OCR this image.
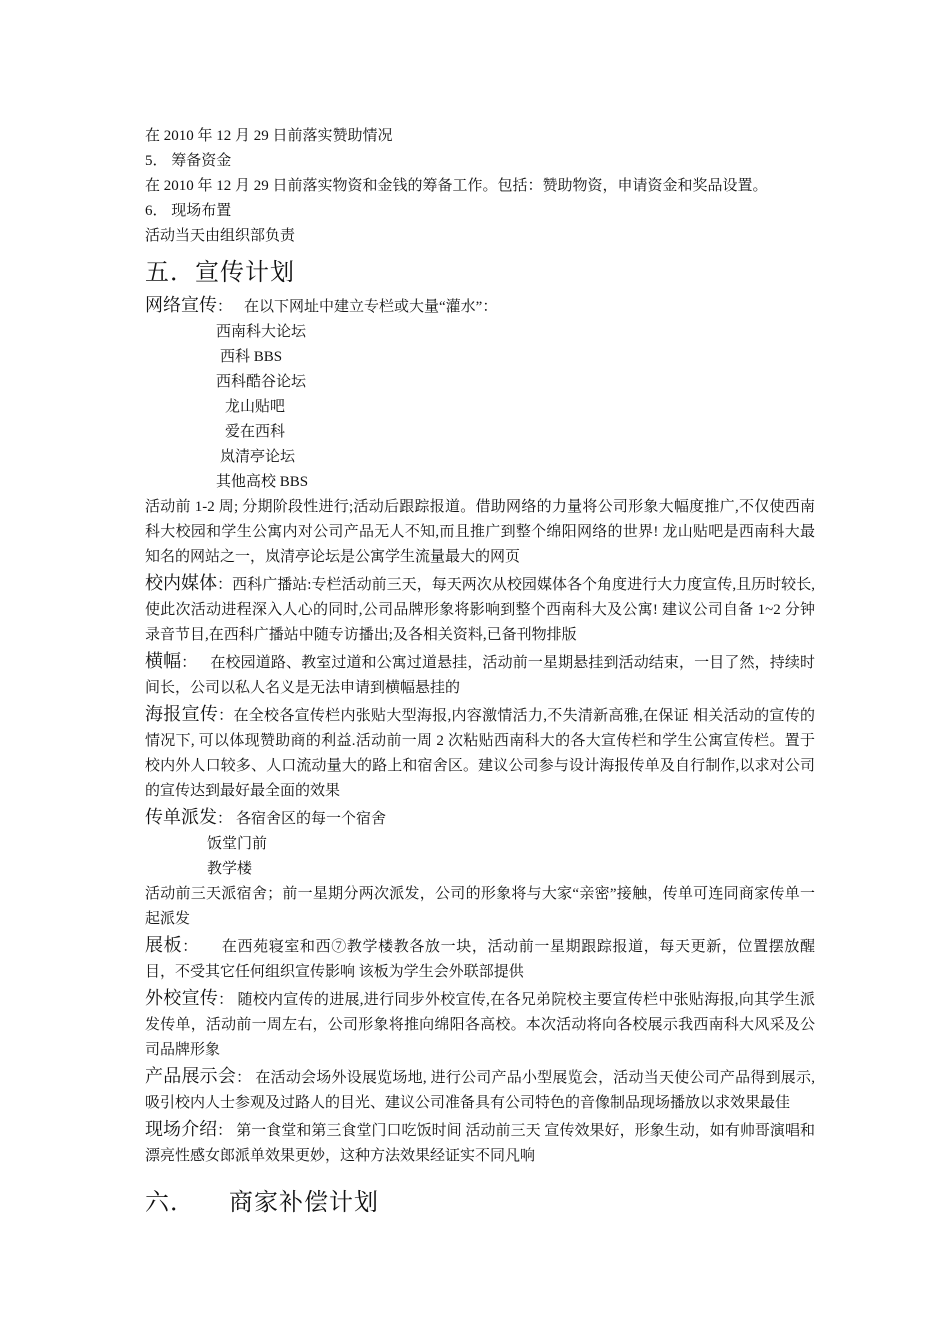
在 2010 年 12 月 29 日前落实赞助情况
5． 筹备资金
在 2010 年 12 月 29 日前落实物资和金钱的筹备工作。包括：赞助物资，申请资金和奖品设置。
6． 现场布置
活动当天由组织部负责
五．宣传计划
网络宣传： 在以下网址中建立专栏或大量“灌水”：
西南科大论坛
西科 BBS
西科酷谷论坛
龙山贴吧
爱在西科
岚清亭论坛
其他高校 BBS
活动前 1-2 周; 分期阶段性进行;活动后跟踪报道。借助网络的力量将公司形象大幅度推广,不仅使西南科大校园和学生公寓内对公司产品无人不知,而且推广到整个绵阳网络的世界! 龙山贴吧是西南科大最知名的网站之一，岚清亭论坛是公寓学生流量最大的网页
校内媒体：西科广播站:专栏活动前三天，每天两次从校园媒体各个角度进行大力度宣传,且历时较长,使此次活动进程深入人心的同时,公司品牌形象将影响到整个西南科大及公寓! 建议公司自备 1~2 分钟录音节目,在西科广播站中随专访播出;及各相关资料,已备刊物排版
横幅： 在校园道路、教室过道和公寓过道悬挂，活动前一星期悬挂到活动结束，一目了然，持续时间长，公司以私人名义是无法申请到横幅悬挂的
海报宣传：在全校各宣传栏内张贴大型海报,内容激情活力,不失清新高雅,在保证 相关活动的宣传的情况下, 可以体现赞助商的利益.活动前一周 2 次粘贴西南科大的各大宣传栏和学生公寓宣传栏。置于校内外人口较多、人口流动量大的路上和宿舍区。建议公司参与设计海报传单及自行制作,以求对公司的宣传达到最好最全面的效果
传单派发： 各宿舍区的每一个宿舍
饭堂门前
教学楼
活动前三天派宿舍；前一星期分两次派发，公司的形象将与大家“亲密”接触，传单可连同商家传单一起派发
展板： 在西苑寝室和西⑦教学楼教各放一块，活动前一星期跟踪报道，每天更新，位置摆放醒目，不受其它任何组织宣传影响 该板为学生会外联部提供
外校宣传： 随校内宣传的进展,进行同步外校宣传,在各兄弟院校主要宣传栏中张贴海报,向其学生派发传单，活动前一周左右，公司形象将推向绵阳各高校。本次活动将向各校展示我西南科大风采及公司品牌形象
产品展示会： 在活动会场外设展览场地, 进行公司产品小型展览会，活动当天使公司产品得到展示, 吸引校内人士参观及过路人的目光、建议公司准备具有公司特色的音像制品现场播放以求效果最佳
现场介绍： 第一食堂和第三食堂门口吃饭时间 活动前三天 宣传效果好，形象生动，如有帅哥演唱和漂亮性感女郎派单效果更妙，这种方法效果经证实不同凡响
六． 商家补偿计划
